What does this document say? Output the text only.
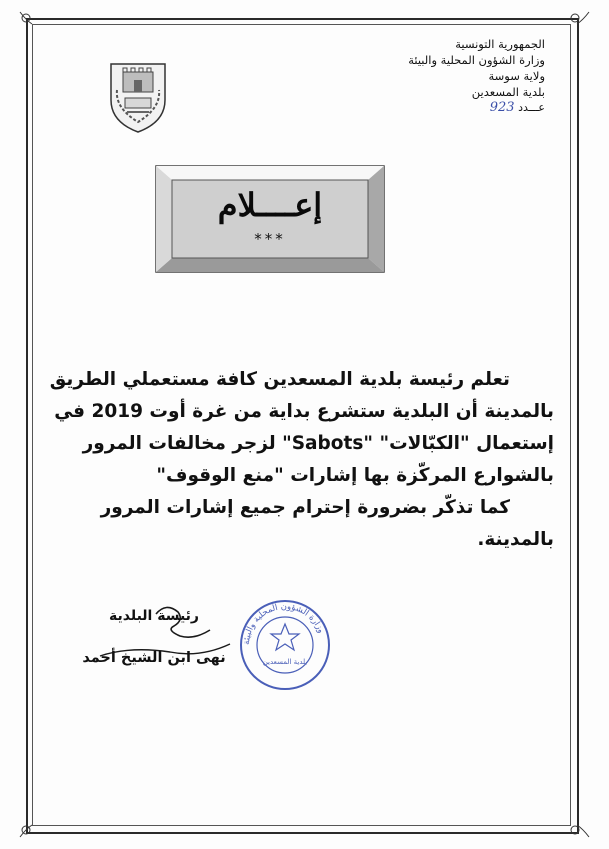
الجمهورية التونسية
وزارة الشؤون المحلية والبيئة
ولاية سوسة
بلدية المسعدين
عـــدد 923
إعــــلام
***
تعلم رئيسة بلدية المسعدين كافة مستعملي الطريق
بالمدينة أن البلدية ستشرع بداية من غرة أوت 2019 في
إستعمال "الكبّالات" "Sabots" لزجر مخالفات المرور
بالشوارع المركّزة بها إشارات "منع الوقوف"
كما تذكّر بضرورة إحترام جميع إشارات المرور
بالمدينة.
وزارة الشؤون المحلية والبيئة
بلدية المسعدين
رئيسة البلدية
نهى ابن الشيخ أحمد
